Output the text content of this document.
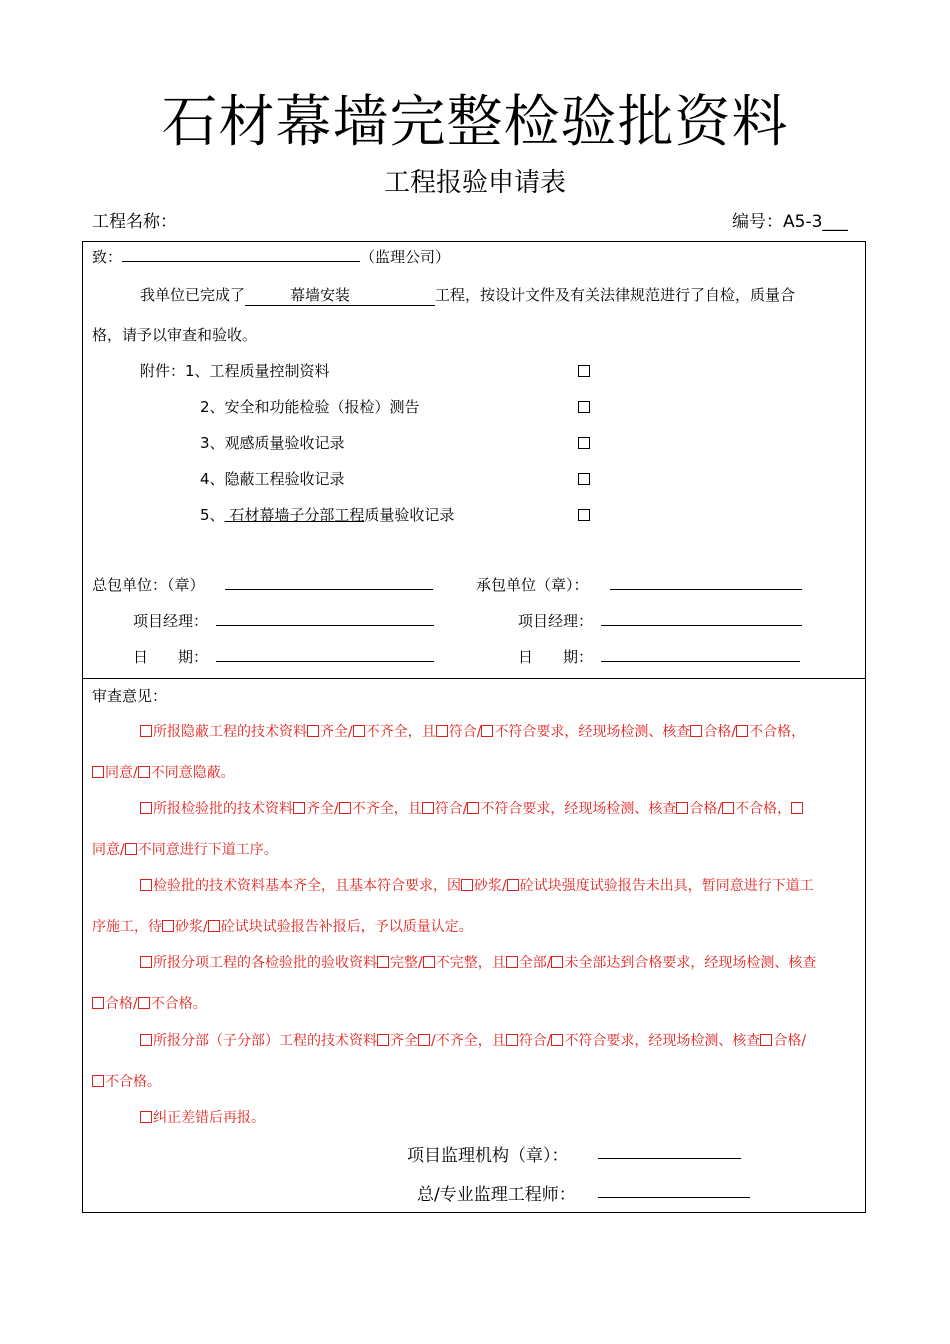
石材幕墙完整检验批资料
工程报验申请表
工程名称：	编号：A5-3___
致：	（监理公司）
我单位已完成了	幕墙安装	工程，按设计文件及有关法律规范进行了自检，质量合
格，请予以审查和验收。
附件：1、工程质量控制资料
2、安全和功能检验（报检）测告
3、观感质量验收记录
4、隐蔽工程验收记录
5、 石材幕墙子分部工程质量验收记录
总包单位：（章）	承包单位（章）：
项目经理：	项目经理：
日　　期：	日　　期：
审查意见：
所报隐蔽工程的技术资料 齐全/ 不齐全，且 符合/ 不符合要求，经现场检测、核查 合格/ 不合格，
同意/ 不同意隐蔽。
所报检验批的技术资料 齐全/ 不齐全，且 符合/ 不符合要求，经现场检测、核查 合格/ 不合格，
同意/ 不同意进行下道工序。
检验批的技术资料基本齐全，且基本符合要求，因 砂浆/ 砼试块强度试验报告未出具，暂同意进行下道工
序施工，待 砂浆/ 砼试块试验报告补报后，予以质量认定。
所报分项工程的各检验批的验收资料 完整/ 不完整，且 全部/ 未全部达到合格要求，经现场检测、核查
合格/ 不合格。
所报分部（子分部）工程的技术资料 齐全 /不齐全，且 符合/ 不符合要求，经现场检测、核查 合格/
不合格。
纠正差错后再报。
项目监理机构（章）：
总/专业监理工程师：
